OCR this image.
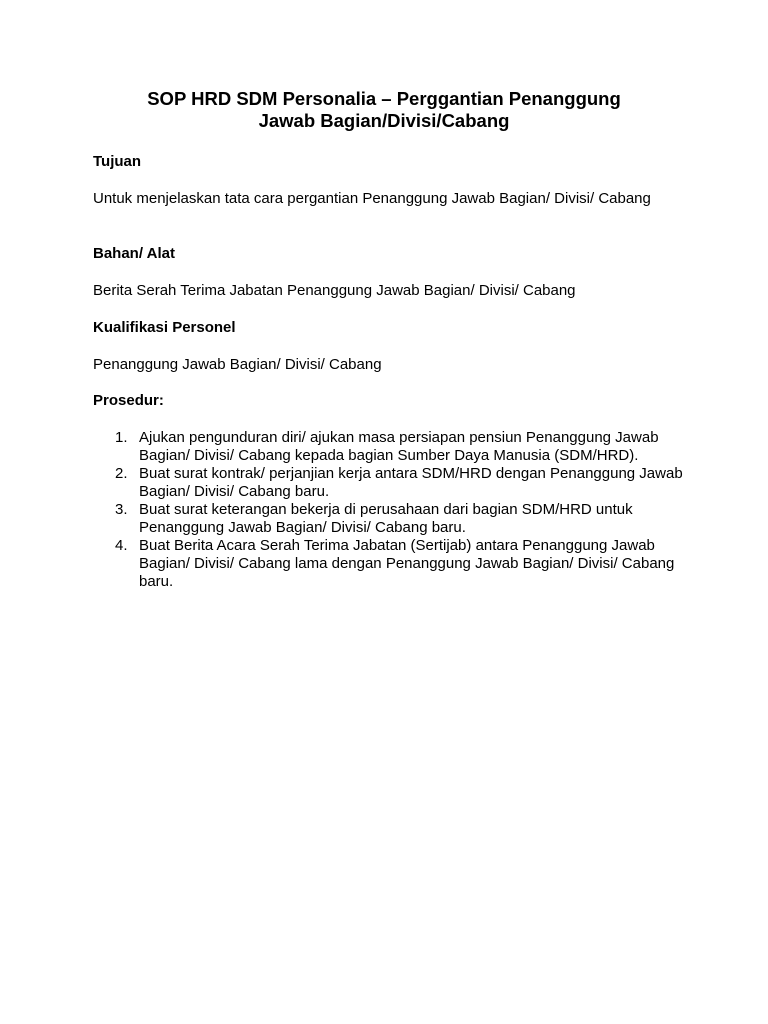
SOP HRD SDM Personalia – Perggantian Penanggung
Jawab Bagian/Divisi/Cabang
Tujuan

Untuk menjelaskan tata cara pergantian Penanggung Jawab Bagian/ Divisi/ Cabang

Bahan/ Alat

Berita Serah Terima Jabatan Penanggung Jawab Bagian/ Divisi/ Cabang

Kualifikasi Personel

Penanggung Jawab Bagian/ Divisi/ Cabang

Prosedur:
1. Ajukan pengunduran diri/ ajukan masa persiapan pensiun Penanggung Jawab Bagian/ Divisi/ Cabang kepada bagian Sumber Daya Manusia (SDM/HRD).
2. Buat surat kontrak/ perjanjian kerja antara SDM/HRD dengan Penanggung Jawab Bagian/ Divisi/ Cabang baru.
3. Buat surat keterangan bekerja di perusahaan dari bagian SDM/HRD untuk Penanggung Jawab Bagian/ Divisi/ Cabang baru.
4. Buat Berita Acara Serah Terima Jabatan (Sertijab) antara Penanggung Jawab Bagian/ Divisi/ Cabang lama dengan Penanggung Jawab Bagian/ Divisi/ Cabang baru.
